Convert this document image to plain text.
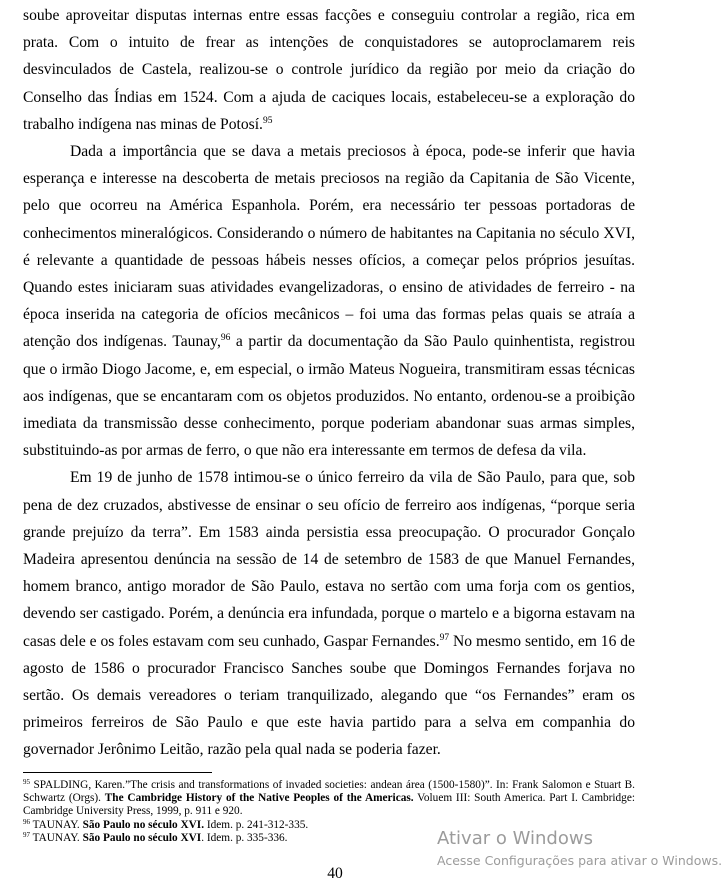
soube aproveitar disputas internas entre essas facções e conseguiu controlar a região, rica em prata. Com o intuito de frear as intenções de conquistadores se autoproclamarem reis desvinculados de Castela, realizou-se o controle jurídico da região por meio da criação do Conselho das Índias em 1524. Com a ajuda de caciques locais, estabeleceu-se a exploração do trabalho indígena nas minas de Potosí.$^{95}$

Dada a importância que se dava a metais preciosos à época, pode-se inferir que havia esperança e interesse na descoberta de metais preciosos na região da Capitania de São Vicente, pelo que ocorreu na América Espanhola. Porém, era necessário ter pessoas portadoras de conhecimentos mineralógicos. Considerando o número de habitantes na Capitania no século XVI, é relevante a quantidade de pessoas hábeis nesses ofícios, a começar pelos próprios jesuítas. Quando estes iniciaram suas atividades evangelizadoras, o ensino de atividades de ferreiro - na época inserida na categoria de ofícios mecânicos – foi uma das formas pelas quais se atraía a atenção dos indígenas. Taunay,$^{96}$ a partir da documentação da São Paulo quinhentista, registrou que o irmão Diogo Jacome, e, em especial, o irmão Mateus Nogueira, transmitiram essas técnicas aos indígenas, que se encantaram com os objetos produzidos. No entanto, ordenou-se a proibição imediata da transmissão desse conhecimento, porque poderiam abandonar suas armas simples, substituindo-as por armas de ferro, o que não era interessante em termos de defesa da vila.

Em 19 de junho de 1578 intimou-se o único ferreiro da vila de São Paulo, para que, sob pena de dez cruzados, abstivesse de ensinar o seu ofício de ferreiro aos indígenas, “porque seria grande prejuízo da terra”. Em 1583 ainda persistia essa preocupação. O procurador Gonçalo Madeira apresentou denúncia na sessão de 14 de setembro de 1583 de que Manuel Fernandes, homem branco, antigo morador de São Paulo, estava no sertão com uma forja com os gentios, devendo ser castigado. Porém, a denúncia era infundada, porque o martelo e a bigorna estavam na casas dele e os foles estavam com seu cunhado, Gaspar Fernandes.$^{97}$ No mesmo sentido, em 16 de agosto de 1586 o procurador Francisco Sanches soube que Domingos Fernandes forjava no sertão. Os demais vereadores o teriam tranquilizado, alegando que “os Fernandes” eram os primeiros ferreiros de São Paulo e que este havia partido para a selva em companhia do governador Jerônimo Leitão, razão pela qual nada se poderia fazer.

$^{95}$ SPALDING, Karen.”The crisis and transformations of invaded societies: andean área (1500-1580)”. In: Frank Salomon e Stuart B. Schwartz (Orgs). The Cambridge History of the Native Peoples of the Americas. Voluem III: South America. Part I. Cambridge: Cambridge University Press, 1999, p. 911 e 920.

$^{96}$ TAUNAY. São Paulo no século XVI. Idem. p. 241-312-335.

$^{97}$ TAUNAY. São Paulo no século XVI. Idem. p. 335-336.

40
Ativar o Windows
Acesse Configurações para ativar o Windows.
